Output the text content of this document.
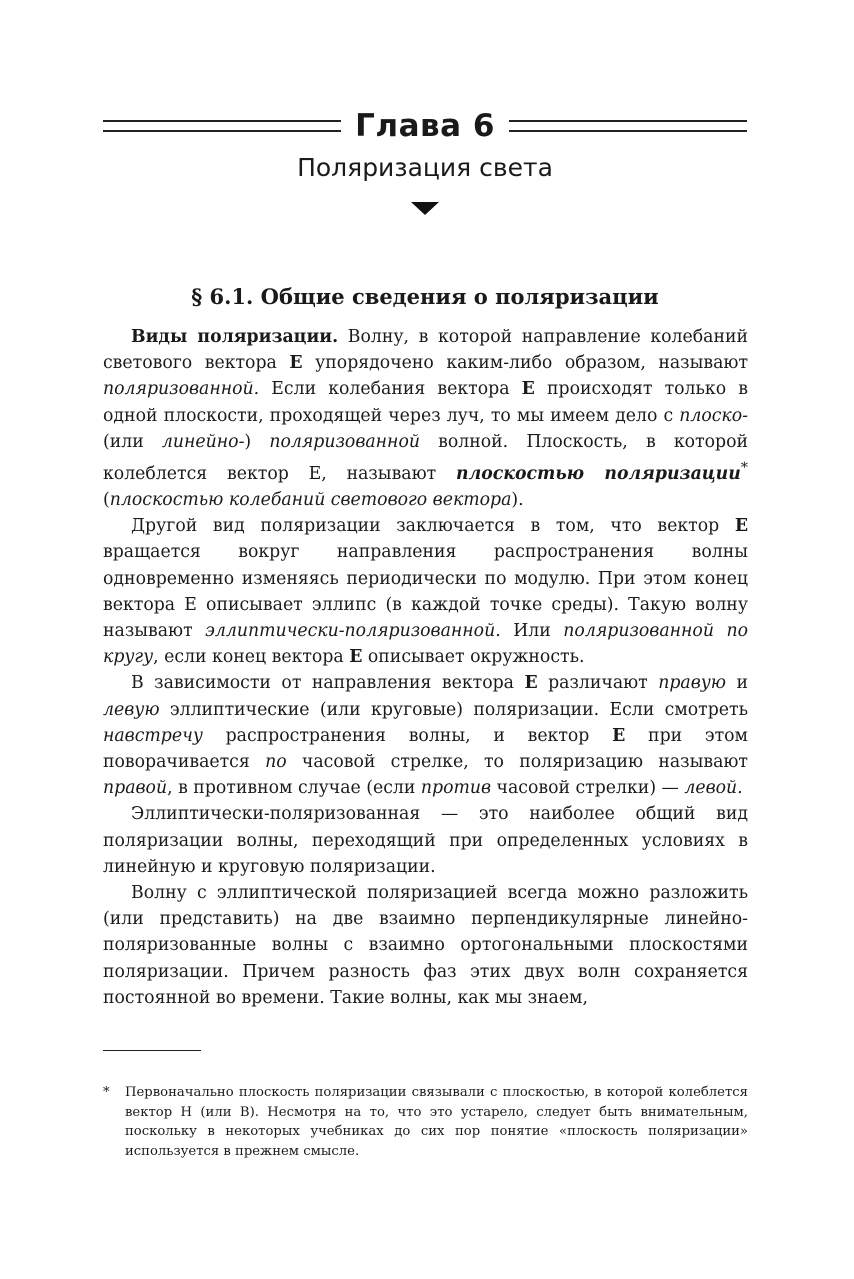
Глава 6
Поляризация света
§ 6.1. Общие сведения о поляризации

Виды поляризации. Волну, в которой направление колебаний светового вектора E упорядочено каким-либо образом, называют поляризованной. Если колебания вектора E происходят только в одной плоскости, проходящей через луч, то мы имеем дело с плоско- (или линейно-) поляризованной волной. Плоскость, в которой колеблется вектор E, называют плоскостью поляризации* (плоскостью колебаний светового вектора).

Другой вид поляризации заключается в том, что вектор E вращается вокруг направления распространения волны одновременно изменяясь периодически по модулю. При этом конец вектора E описывает эллипс (в каждой точке среды). Такую волну называют эллиптически-поляризованной. Или поляризованной по кругу, если конец вектора E описывает окружность.

В зависимости от направления вектора E различают правую и левую эллиптические (или круговые) поляризации. Если смотреть навстречу распространения волны, и вектор E при этом поворачивается по часовой стрелке, то поляризацию называют правой, в противном случае (если против часовой стрелки) — левой.

Эллиптически-поляризованная — это наиболее общий вид поляризации волны, переходящий при определенных условиях в линейную и круговую поляризации.

Волну с эллиптической поляризацией всегда можно разложить (или представить) на две взаимно перпендикулярные линейно-поляризованные волны с взаимно ортогональными плоскостями поляризации. Причем разность фаз этих двух волн сохраняется постоянной во времени. Такие волны, как мы знаем,

*	Первоначально плоскость поляризации связывали с плоскостью, в которой колеблется вектор H (или B). Несмотря на то, что это устарело, следует быть внимательным, поскольку в некоторых учебниках до сих пор понятие «плоскость поляризации» используется в прежнем смысле.
